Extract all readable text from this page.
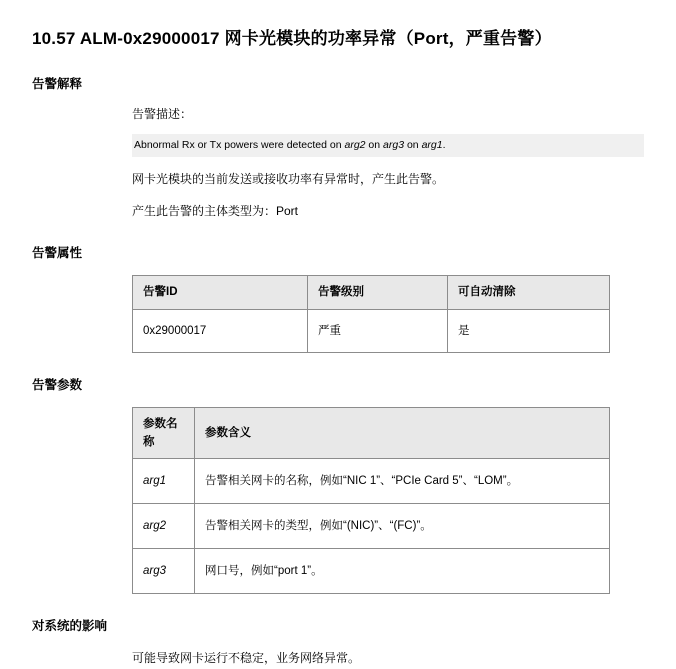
10.57 ALM-0x29000017 网卡光模块的功率异常（Port，严重告警）
告警解释
告警描述：
Abnormal Rx or Tx powers were detected on arg2 on arg3 on arg1.
网卡光模块的当前发送或接收功率有异常时，产生此告警。
产生此告警的主体类型为：Port
告警属性
告警ID	告警级别	可自动清除
0x29000017	严重	是
告警参数
参数名称	参数含义
arg1	告警相关网卡的名称，例如“NIC 1”、“PCIe Card 5”、“LOM”。
arg2	告警相关网卡的类型，例如“(NIC)”、“(FC)”。
arg3	网口号，例如“port 1”。
对系统的影响
可能导致网卡运行不稳定，业务网络异常。
